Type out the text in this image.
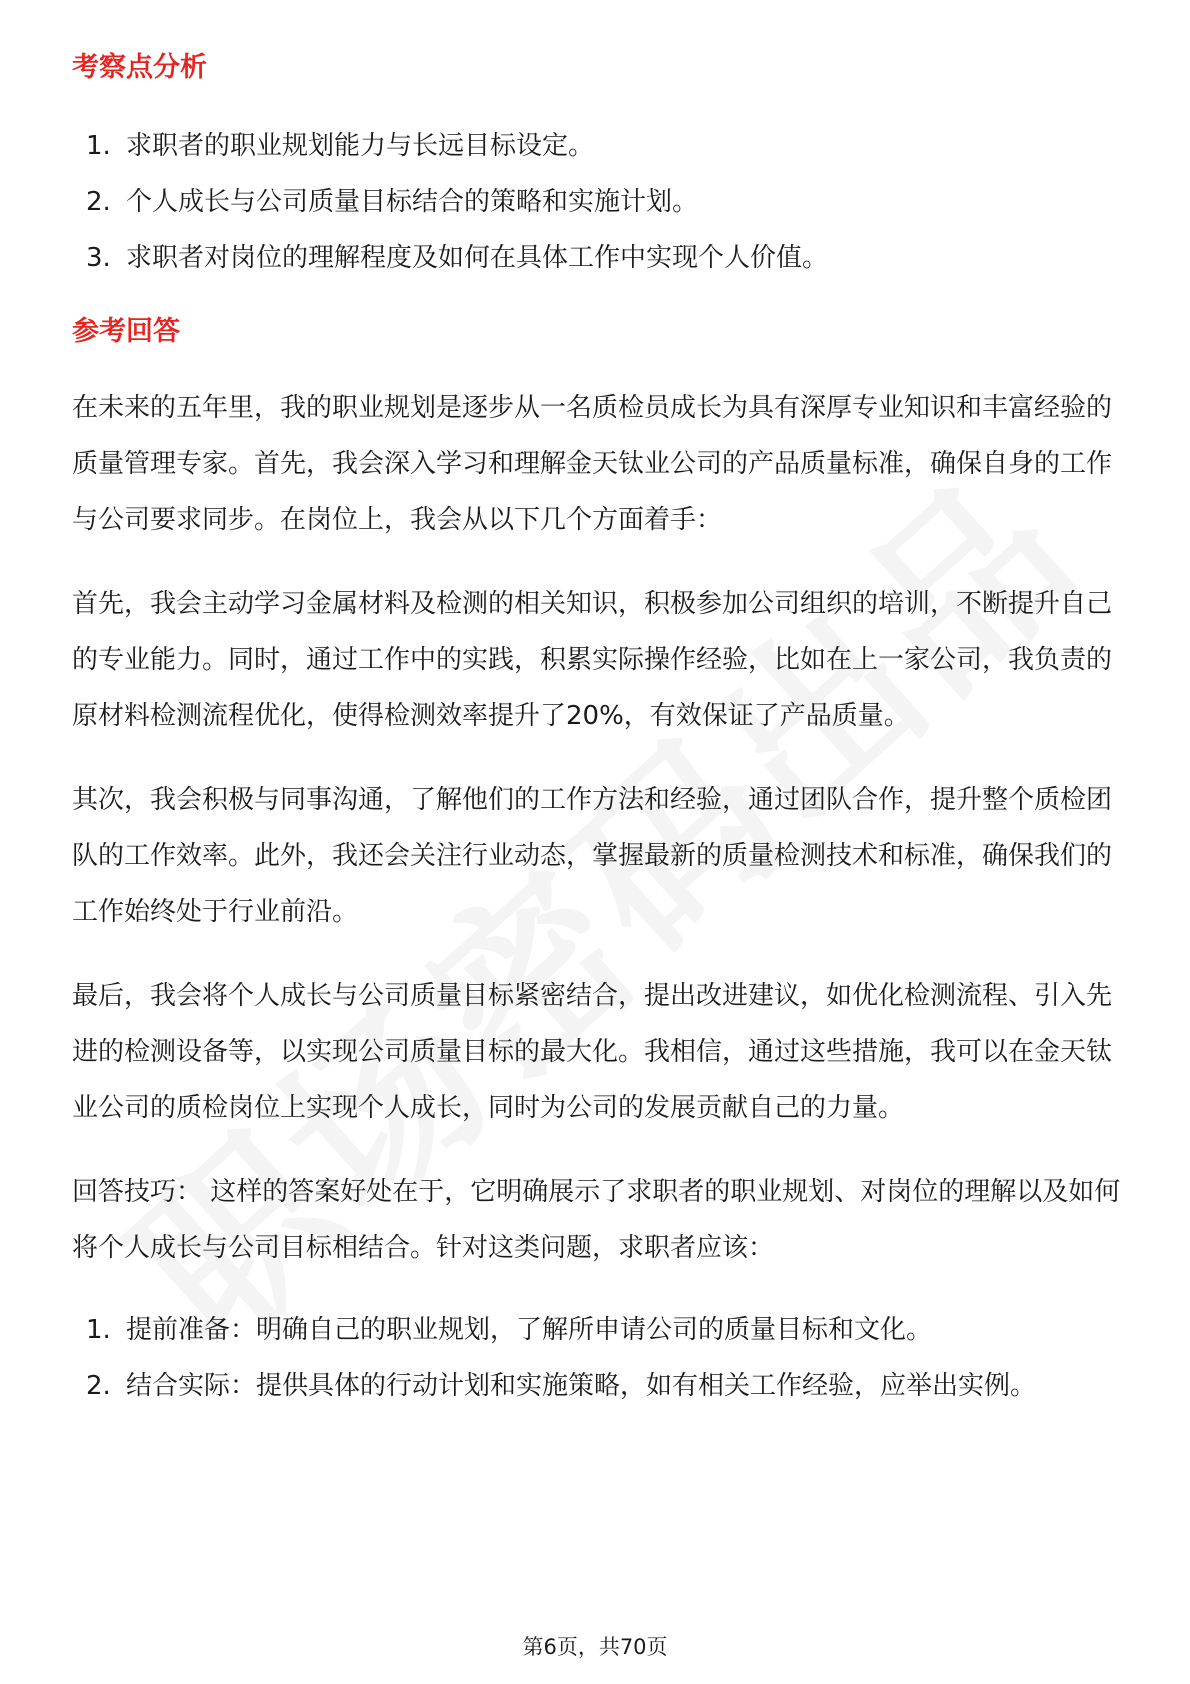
考察点分析
1. 求职者的职业规划能力与长远目标设定。
2. 个人成长与公司质量目标结合的策略和实施计划。
3. 求职者对岗位的理解程度及如何在具体工作中实现个人价值。
参考回答

在未来的五年里，我的职业规划是逐步从一名质检员成长为具有深厚专业知识和丰富经验的质量管理专家。首先，我会深入学习和理解金天钛业公司的产品质量标准，确保自身的工作与公司要求同步。在岗位上，我会从以下几个方面着手：

首先，我会主动学习金属材料及检测的相关知识，积极参加公司组织的培训，不断提升自己的专业能力。同时，通过工作中的实践，积累实际操作经验，比如在上一家公司，我负责的原材料检测流程优化，使得检测效率提升了20%，有效保证了产品质量。

其次，我会积极与同事沟通，了解他们的工作方法和经验，通过团队合作，提升整个质检团队的工作效率。此外，我还会关注行业动态，掌握最新的质量检测技术和标准，确保我们的工作始终处于行业前沿。

最后，我会将个人成长与公司质量目标紧密结合，提出改进建议，如优化检测流程、引入先进的检测设备等，以实现公司质量目标的最大化。我相信，通过这些措施，我可以在金天钛业公司的质检岗位上实现个人成长，同时为公司的发展贡献自己的力量。

回答技巧： 这样的答案好处在于，它明确展示了求职者的职业规划、对岗位的理解以及如何将个人成长与公司目标相结合。针对这类问题，求职者应该：

1. 提前准备：明确自己的职业规划，了解所申请公司的质量目标和文化。
2. 结合实际：提供具体的行动计划和实施策略，如有相关工作经验，应举出实例。
第6页，共70页
